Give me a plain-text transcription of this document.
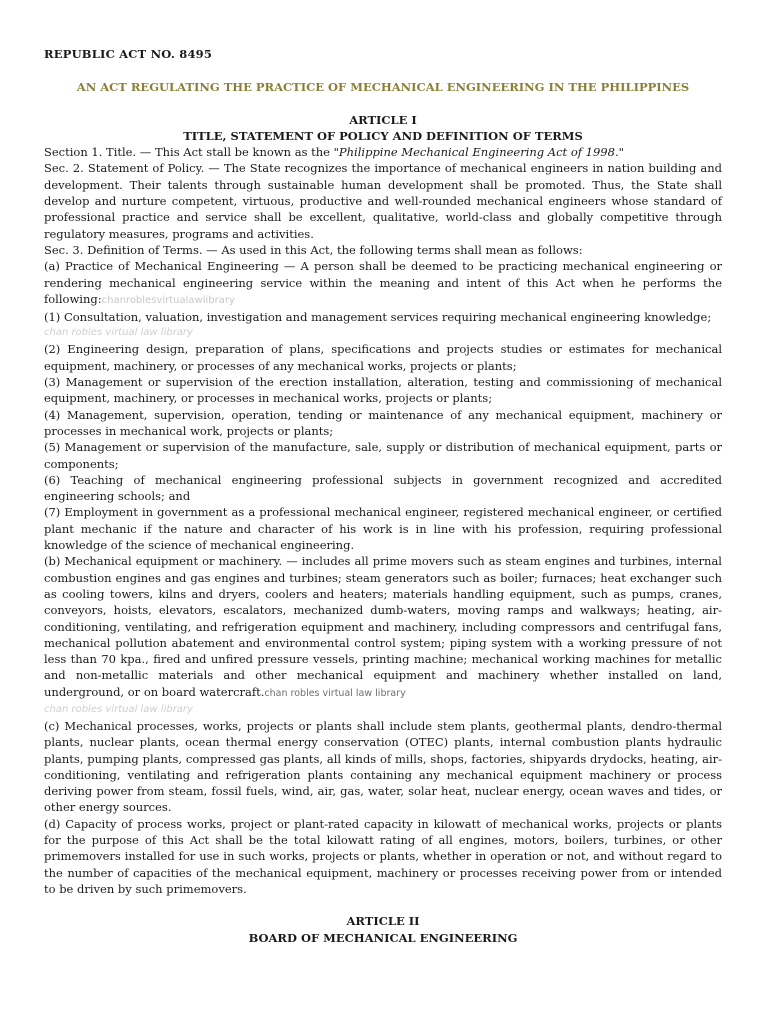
REPUBLIC ACT NO. 8495
AN ACT REGULATING THE PRACTICE OF MECHANICAL ENGINEERING IN THE PHILIPPINES
ARTICLE I
TITLE, STATEMENT OF POLICY AND DEFINITION OF TERMS

Section 1. Title. — This Act stall be known as the "Philippine Mechanical Engineering Act of 1998."

Sec. 2. Statement of Policy. — The State recognizes the importance of mechanical engineers in nation building and development. Their talents through sustainable human development shall be promoted. Thus, the State shall develop and nurture competent, virtuous, productive and well-rounded mechanical engineers whose standard of professional practice and service shall be excellent, qualitative, world-class and globally competitive through regulatory measures, programs and activities.

Sec. 3. Definition of Terms. — As used in this Act, the following terms shall mean as follows:

(a) Practice of Mechanical Engineering — A person shall be deemed to be practicing mechanical engineering or rendering mechanical engineering service within the meaning and intent of this Act when he performs the following:chanroblesvirtualawlibrary

(1) Consultation, valuation, investigation and management services requiring mechanical engineering knowledge;

chan robles virtual law library

(2) Engineering design, preparation of plans, specifications and projects studies or estimates for mechanical equipment, machinery, or processes of any mechanical works, projects or plants;

(3) Management or supervision of the erection installation, alteration, testing and commissioning of mechanical equipment, machinery, or processes in mechanical works, projects or plants;

(4) Management, supervision, operation, tending or maintenance of any mechanical equipment, machinery or processes in mechanical work, projects or plants;

(5) Management or supervision of the manufacture, sale, supply or distribution of mechanical equipment, parts or components;

(6) Teaching of mechanical engineering professional subjects in government recognized and accredited engineering schools; and

(7) Employment in government as a professional mechanical engineer, registered mechanical engineer, or certified plant mechanic if the nature and character of his work is in line with his profession, requiring professional knowledge of the science of mechanical engineering.

(b) Mechanical equipment or machinery. — includes all prime movers such as steam engines and turbines, internal combustion engines and gas engines and turbines; steam generators such as boiler; furnaces; heat exchanger such as cooling towers, kilns and dryers, coolers and heaters; materials handling equipment, such as pumps, cranes, conveyors, hoists, elevators, escalators, mechanized dumb-waters, moving ramps and walkways; heating, air-conditioning, ventilating, and refrigeration equipment and machinery, including compressors and centrifugal fans, mechanical pollution abatement and environmental control system; piping system with a working pressure of not less than 70 kpa., fired and unfired pressure vessels, printing machine; mechanical working machines for metallic and non-metallic materials and other mechanical equipment and machinery whether installed on land, underground, or on board watercraft.chan robles virtual law library

chan robles virtual law library

(c) Mechanical processes, works, projects or plants shall include stem plants, geothermal plants, dendro-thermal plants, nuclear plants, ocean thermal energy conservation (OTEC) plants, internal combustion plants hydraulic plants, pumping plants, compressed gas plants, all kinds of mills, shops, factories, shipyards drydocks, heating, air-conditioning, ventilating and refrigeration plants containing any mechanical equipment machinery or process deriving power from steam, fossil fuels, wind, air, gas, water, solar heat, nuclear energy, ocean waves and tides, or other energy sources.

(d) Capacity of process works, project or plant-rated capacity in kilowatt of mechanical works, projects or plants for the purpose of this Act shall be the total kilowatt rating of all engines, motors, boilers, turbines, or other primemovers installed for use in such works, projects or plants, whether in operation or not, and without regard to the number of capacities of the mechanical equipment, machinery or processes receiving power from or intended to be driven by such primemovers.

ARTICLE II
BOARD OF MECHANICAL ENGINEERING
